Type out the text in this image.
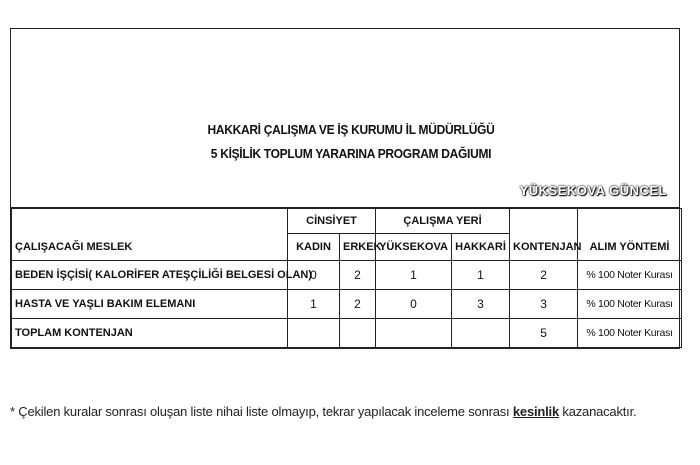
HAKKARİ ÇALIŞMA VE İŞ KURUMU İL MÜDÜRLÜĞÜ
5 KİŞİLİK TOPLUM YARARINA PROGRAM DAĞIUMI
YÜKSEKOVA GÜNCEL
	CİNSİYET		ÇALIŞMA YERİ			
ÇALIŞACAĞI MESLEK	KADIN	ERKEK	YÜKSEKOVA	HAKKARİ	KONTENJAN	ALIM YÖNTEMİ
BEDEN İŞÇİSİ( KALORİFER ATEŞÇİLİĞİ BELGESİ OLAN)	0	2	1	1	2	% 100 Noter Kurası
HASTA VE YAŞLI BAKIM ELEMANI	1	2	0	3	3	% 100 Noter Kurası
TOPLAM KONTENJAN					5	% 100 Noter Kurası
* Çekilen kuralar sonrası oluşan liste nihai liste olmayıp, tekrar yapılacak inceleme sonrası kesinlik kazanacaktır.
